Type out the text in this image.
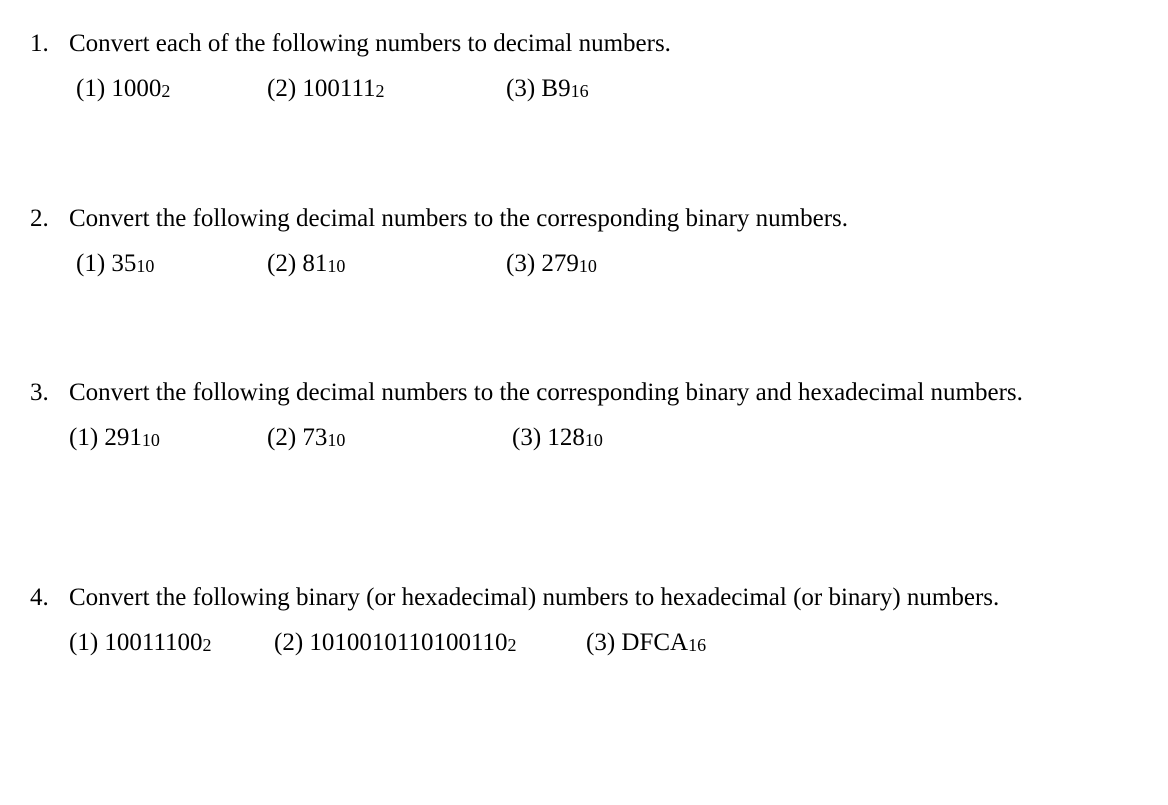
1. Convert each of the following numbers to decimal numbers.
(1) 10002	(2) 1001112	(3) B916
2. Convert the following decimal numbers to the corresponding binary numbers.
(1) 3510	(2) 8110	(3) 27910
3. Convert the following decimal numbers to the corresponding binary and hexadecimal numbers.
(1) 29110	(2) 7310	(3) 12810
4. Convert the following binary (or hexadecimal) numbers to hexadecimal (or binary) numbers.
(1) 100111002 (2) 10100101101001102	(3) DFCA16
